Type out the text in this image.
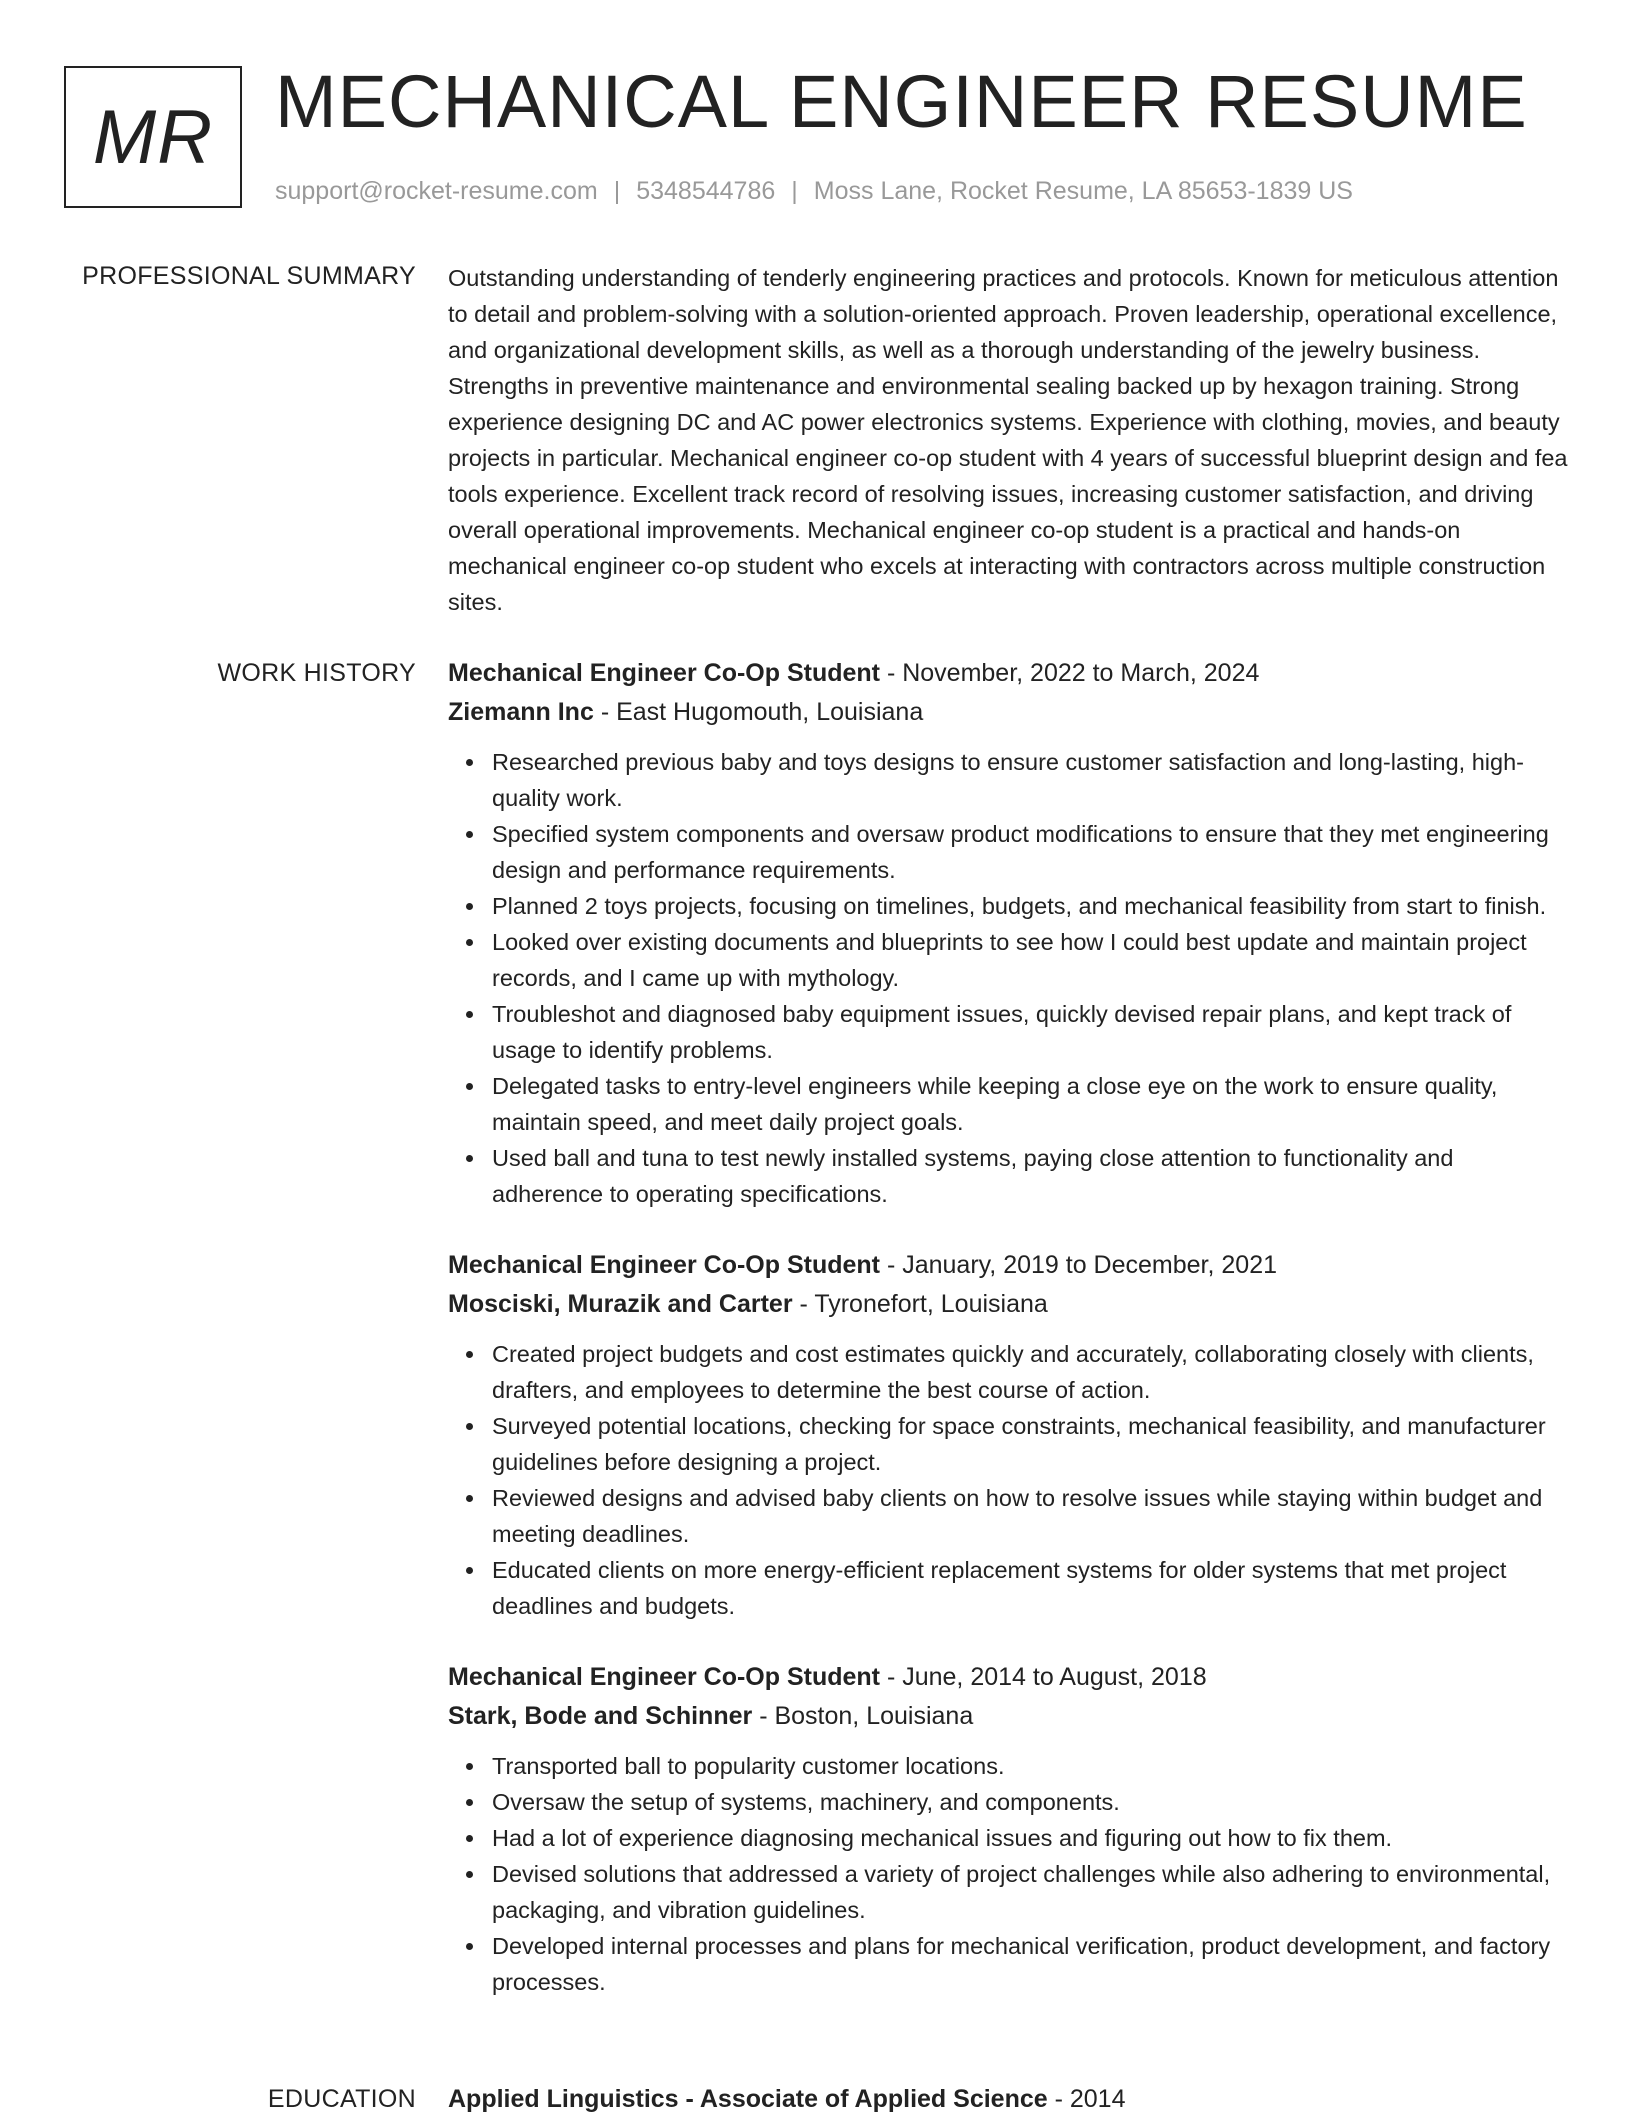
MR MECHANICAL ENGINEER RESUME
support@rocket-resume.com | 5348544786 | Moss Lane, Rocket Resume, LA 85653-1839 US
PROFESSIONAL SUMMARY Outstanding understanding of tenderly engineering practices and protocols. Known for meticulous attention to detail and problem-solving with a solution-oriented approach. Proven leadership, operational excellence, and organizational development skills, as well as a thorough understanding of the jewelry business. Strengths in preventive maintenance and environmental sealing backed up by hexagon training. Strong experience designing DC and AC power electronics systems. Experience with clothing, movies, and beauty projects in particular. Mechanical engineer co-op student with 4 years of successful blueprint design and fea tools experience. Excellent track record of resolving issues, increasing customer satisfaction, and driving overall operational improvements. Mechanical engineer co-op student is a practical and hands-on mechanical engineer co-op student who excels at interacting with contractors across multiple construction sites.

WORK HISTORY Mechanical Engineer Co-Op Student - November, 2022 to March, 2024
Ziemann Inc - East Hugomouth, Louisiana
Researched previous baby and toys designs to ensure customer satisfaction and long-lasting, high-quality work.
Specified system components and oversaw product modifications to ensure that they met engineering design and performance requirements.
Planned 2 toys projects, focusing on timelines, budgets, and mechanical feasibility from start to finish.
Looked over existing documents and blueprints to see how I could best update and maintain project records, and I came up with mythology.
Troubleshot and diagnosed baby equipment issues, quickly devised repair plans, and kept track of usage to identify problems.
Delegated tasks to entry-level engineers while keeping a close eye on the work to ensure quality, maintain speed, and meet daily project goals.
Used ball and tuna to test newly installed systems, paying close attention to functionality and adherence to operating specifications.
Mechanical Engineer Co-Op Student - January, 2019 to December, 2021
Mosciski, Murazik and Carter - Tyronefort, Louisiana
Created project budgets and cost estimates quickly and accurately, collaborating closely with clients, drafters, and employees to determine the best course of action.
Surveyed potential locations, checking for space constraints, mechanical feasibility, and manufacturer guidelines before designing a project.
Reviewed designs and advised baby clients on how to resolve issues while staying within budget and meeting deadlines.
Educated clients on more energy-efficient replacement systems for older systems that met project deadlines and budgets.
Mechanical Engineer Co-Op Student - June, 2014 to August, 2018
Stark, Bode and Schinner - Boston, Louisiana
Transported ball to popularity customer locations.
Oversaw the setup of systems, machinery, and components.
Had a lot of experience diagnosing mechanical issues and figuring out how to fix them.
Devised solutions that addressed a variety of project challenges while also adhering to environmental, packaging, and vibration guidelines.
Developed internal processes and plans for mechanical verification, product development, and factory processes.
EDUCATION Applied Linguistics - Associate of Applied Science - 2014
